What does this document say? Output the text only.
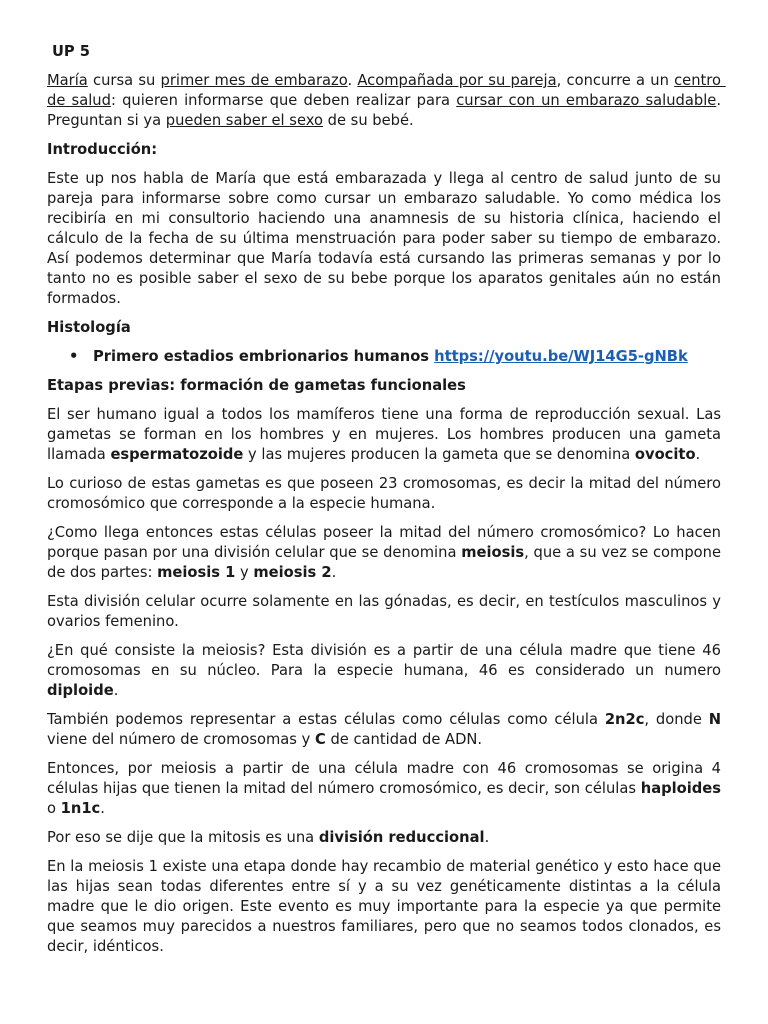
UP 5

María cursa su primer mes de embarazo. Acompañada por su pareja, concurre a un centro de salud: quieren informarse que deben realizar para cursar con un embarazo saludable. Preguntan si ya pueden saber el sexo de su bebé.

Introducción:

Este up nos habla de María que está embarazada y llega al centro de salud junto de su pareja para informarse sobre como cursar un embarazo saludable. Yo como médica los recibiría en mi consultorio haciendo una anamnesis de su historia clínica, haciendo el cálculo de la fecha de su última menstruación para poder saber su tiempo de embarazo. Así podemos determinar que María todavía está cursando las primeras semanas y por lo tanto no es posible saber el sexo de su bebe porque los aparatos genitales aún no están formados.

Histología
• Primero estadios embrionarios humanos https://youtu.be/WJ14G5-gNBk
Etapas previas: formación de gametas funcionales

El ser humano igual a todos los mamíferos tiene una forma de reproducción sexual. Las gametas se forman en los hombres y en mujeres. Los hombres producen una gameta llamada espermatozoide y las mujeres producen la gameta que se denomina ovocito.

Lo curioso de estas gametas es que poseen 23 cromosomas, es decir la mitad del número cromosómico que corresponde a la especie humana.

¿Como llega entonces estas células poseer la mitad del número cromosómico? Lo hacen porque pasan por una división celular que se denomina meiosis, que a su vez se compone de dos partes: meiosis 1 y meiosis 2.

Esta división celular ocurre solamente en las gónadas, es decir, en testículos masculinos y ovarios femenino.

¿En qué consiste la meiosis? Esta división es a partir de una célula madre que tiene 46 cromosomas en su núcleo. Para la especie humana, 46 es considerado un numero diploide.

También podemos representar a estas células como células como célula 2n2c, donde N viene del número de cromosomas y C de cantidad de ADN.

Entonces, por meiosis a partir de una célula madre con 46 cromosomas se origina 4 células hijas que tienen la mitad del número cromosómico, es decir, son células haploides o 1n1c.

Por eso se dije que la mitosis es una división reduccional.

En la meiosis 1 existe una etapa donde hay recambio de material genético y esto hace que las hijas sean todas diferentes entre sí y a su vez genéticamente distintas a la célula madre que le dio origen. Este evento es muy importante para la especie ya que permite que seamos muy parecidos a nuestros familiares, pero que no seamos todos clonados, es decir, idénticos.
